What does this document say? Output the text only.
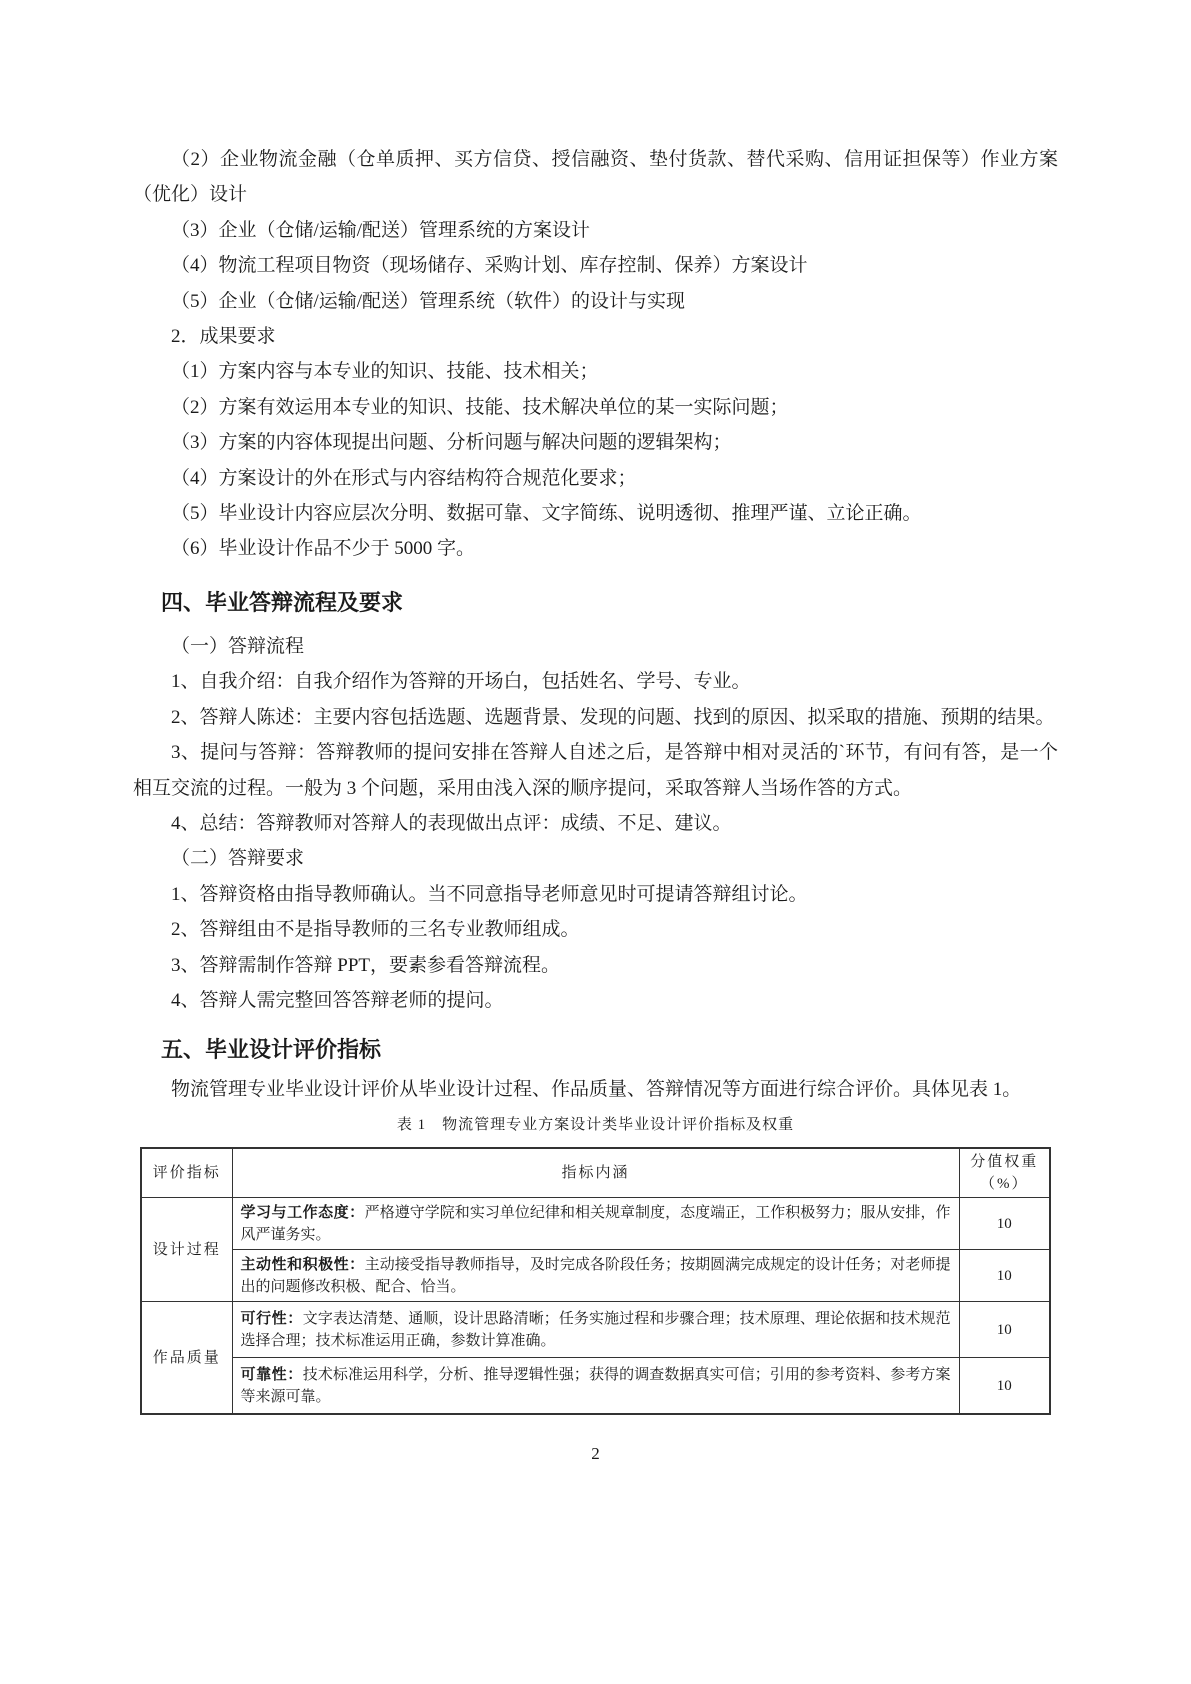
（2）企业物流金融（仓单质押、买方信贷、授信融资、垫付货款、替代采购、信用证担保等）作业方案（优化）设计

（3）企业（仓储/运输/配送）管理系统的方案设计

（4）物流工程项目物资（现场储存、采购计划、库存控制、保养）方案设计

（5）企业（仓储/运输/配送）管理系统（软件）的设计与实现

2．成果要求

（1）方案内容与本专业的知识、技能、技术相关；

（2）方案有效运用本专业的知识、技能、技术解决单位的某一实际问题；

（3）方案的内容体现提出问题、分析问题与解决问题的逻辑架构；

（4）方案设计的外在形式与内容结构符合规范化要求；

（5）毕业设计内容应层次分明、数据可靠、文字简练、说明透彻、推理严谨、立论正确。

（6）毕业设计作品不少于 5000 字。

四、毕业答辩流程及要求

（一）答辩流程

1、自我介绍：自我介绍作为答辩的开场白，包括姓名、学号、专业。

2、答辩人陈述：主要内容包括选题、选题背景、发现的问题、找到的原因、拟采取的措施、预期的结果。

3、提问与答辩：答辩教师的提问安排在答辩人自述之后，是答辩中相对灵活的`环节，有问有答，是一个相互交流的过程。一般为 3 个问题，采用由浅入深的顺序提问，采取答辩人当场作答的方式。

4、总结：答辩教师对答辩人的表现做出点评：成绩、不足、建议。

（二）答辩要求

1、答辩资格由指导教师确认。当不同意指导老师意见时可提请答辩组讨论。

2、答辩组由不是指导教师的三名专业教师组成。

3、答辩需制作答辩 PPT，要素参看答辩流程。

4、答辩人需完整回答答辩老师的提问。

五、毕业设计评价指标

物流管理专业毕业设计评价从毕业设计过程、作品质量、答辩情况等方面进行综合评价。具体见表 1。

表 1　物流管理专业方案设计类毕业设计评价指标及权重
评价指标	指标内涵	分值权重
（%）

设计过程	学习与工作态度：严格遵守学院和实习单位纪律和相关规章制度，态度端正，工作积极努力；服从安排，作风严谨务实。	10

	主动性和积极性：主动接受指导教师指导，及时完成各阶段任务；按期圆满完成规定的设计任务；对老师提出的问题修改积极、配合、恰当。	10
作品质量	可行性：文字表达清楚、通顺，设计思路清晰；任务实施过程和步骤合理；技术原理、理论依据和技术规范选择合理；技术标准运用正确，参数计算准确。	10

	可靠性：技术标准运用科学，分析、推导逻辑性强；获得的调查数据真实可信；引用的参考资料、参考方案等来源可靠。	10
2
